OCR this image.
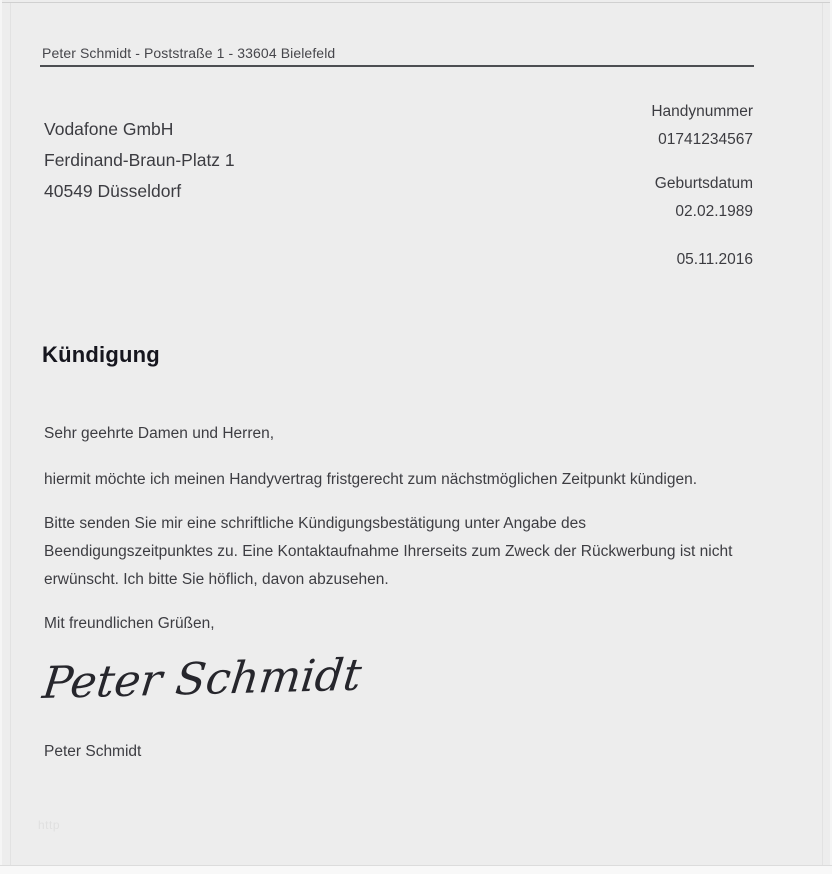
Peter Schmidt - Poststraße 1 - 33604 Bielefeld
Vodafone GmbH
Ferdinand-Braun-Platz 1
40549 Düsseldorf
Handynummer
01741234567
Geburtsdatum
02.02.1989
05.11.2016
Kündigung
Sehr geehrte Damen und Herren,
hiermit möchte ich meinen Handyvertrag fristgerecht zum nächstmöglichen Zeitpunkt kündigen.
Bitte senden Sie mir eine schriftliche Kündigungsbestätigung unter Angabe des
Beendigungszeitpunktes zu. Eine Kontaktaufnahme Ihrerseits zum Zweck der Rückwerbung ist nicht
erwünscht. Ich bitte Sie höflich, davon abzusehen.
Mit freundlichen Grüßen,
Peter Schmidt
Peter Schmidt
http
